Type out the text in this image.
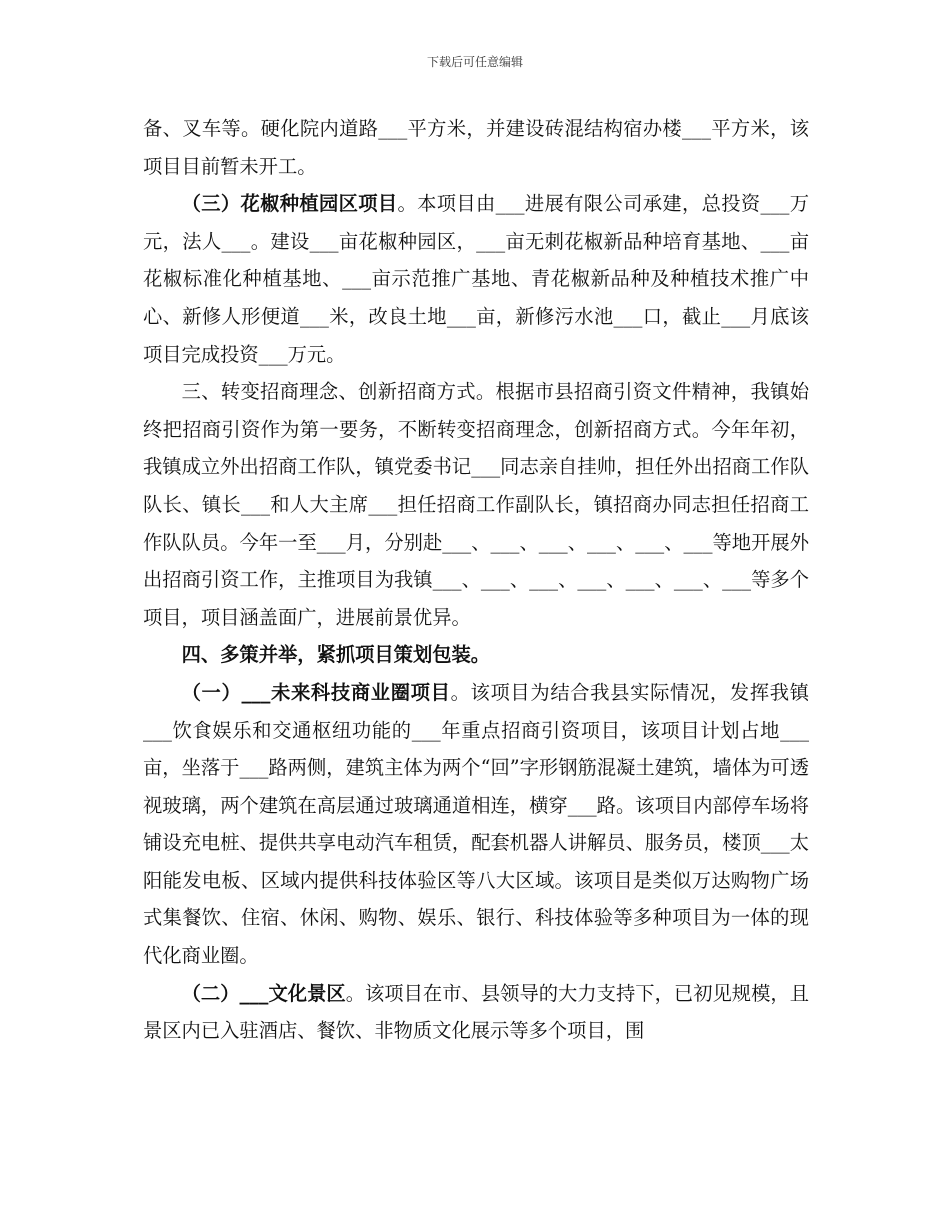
下载后可任意编辑

备、叉车等。硬化院内道路___平方米，并建设砖混结构宿办楼___平方米，该项目目前暂未开工。

（三）花椒种植园区项目。本项目由___进展有限公司承建，总投资___万元，法人___。建设___亩花椒种园区，___亩无刺花椒新品种培育基地、___亩花椒标准化种植基地、___亩示范推广基地、青花椒新品种及种植技术推广中心、新修人形便道___米，改良土地___亩，新修污水池___口，截止___月底该项目完成投资___万元。

三、转变招商理念、创新招商方式。根据市县招商引资文件精神，我镇始终把招商引资作为第一要务，不断转变招商理念，创新招商方式。今年年初，我镇成立外出招商工作队，镇党委书记___同志亲自挂帅，担任外出招商工作队队长、镇长___和人大主席___担任招商工作副队长，镇招商办同志担任招商工作队队员。今年一至___月，分别赴___、___、___、___、___、___等地开展外出招商引资工作，主推项目为我镇___、___、___、___、___、___、___等多个项目，项目涵盖面广，进展前景优异。

四、多策并举，紧抓项目策划包装。

（一）___未来科技商业圈项目。该项目为结合我县实际情况，发挥我镇___饮食娱乐和交通枢纽功能的___年重点招商引资项目，该项目计划占地___亩，坐落于___路两侧，建筑主体为两个“回”字形钢筋混凝土建筑，墙体为可透视玻璃，两个建筑在高层通过玻璃通道相连，横穿___路。该项目内部停车场将铺设充电桩、提供共享电动汽车租赁，配套机器人讲解员、服务员，楼顶___太阳能发电板、区域内提供科技体验区等八大区域。该项目是类似万达购物广场式集餐饮、住宿、休闲、购物、娱乐、银行、科技体验等多种项目为一体的现代化商业圈。

（二）___文化景区。该项目在市、县领导的大力支持下，已初见规模，且景区内已入驻酒店、餐饮、非物质文化展示等多个项目，围
